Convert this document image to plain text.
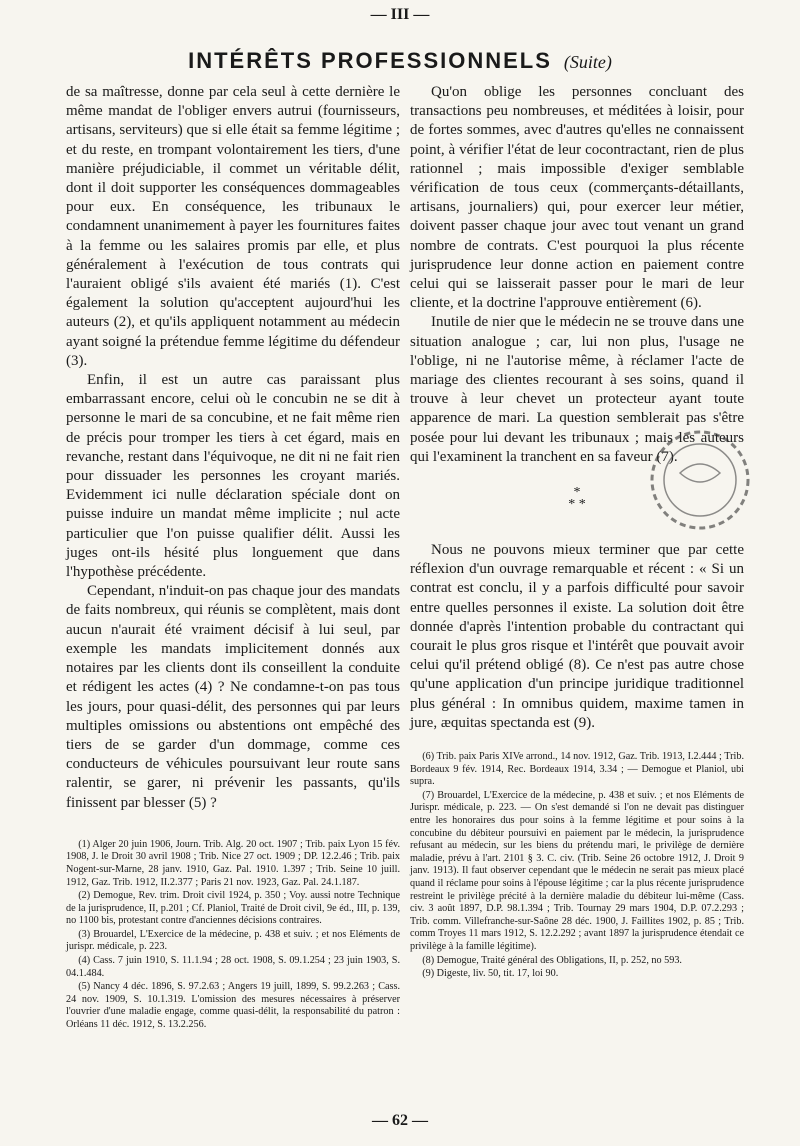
— III —
INTÉRÊTS PROFESSIONNELS (Suite)

de sa maîtresse, donne par cela seul à cette dernière le même mandat de l'obliger envers autrui (fournisseurs, artisans, serviteurs) que si elle était sa femme légitime ; et du reste, en trompant volontairement les tiers, d'une manière préjudiciable, il commet un véritable délit, dont il doit supporter les conséquences dommageables pour eux. En conséquence, les tribunaux le condamnent unanimement à payer les fournitures faites à la femme ou les salaires promis par elle, et plus généralement à l'exécution de tous contrats qui l'auraient obligé s'ils avaient été mariés (1). C'est également la solution qu'acceptent aujourd'hui les auteurs (2), et qu'ils appliquent notamment au médecin ayant soigné la prétendue femme légitime du défendeur (3).

Enfin, il est un autre cas paraissant plus embarrassant encore, celui où le concubin ne se dit à personne le mari de sa concubine, et ne fait même rien de précis pour tromper les tiers à cet égard, mais en revanche, restant dans l'équivoque, ne dit ni ne fait rien pour dissuader les personnes les croyant mariés. Evidemment ici nulle déclaration spéciale dont on puisse induire un mandat même implicite ; nul acte particulier que l'on puisse qualifier délit. Aussi les juges ont-ils hésité plus longuement que dans l'hypothèse précédente.

Cependant, n'induit-on pas chaque jour des mandats de faits nombreux, qui réunis se complètent, mais dont aucun n'aurait été vraiment décisif à lui seul, par exemple les mandats implicitement donnés aux notaires par les clients dont ils conseillent la conduite et rédigent les actes (4) ? Ne condamne-t-on pas tous les jours, pour quasi-délit, des personnes qui par leurs multiples omissions ou abstentions ont empêché des tiers de se garder d'un dommage, comme ces conducteurs de véhicules poursuivant leur route sans ralentir, se garer, ni prévenir les passants, qu'ils finissent par blesser (5) ?

(1) Alger 20 juin 1906, Journ. Trib. Alg. 20 oct. 1907 ; Trib. paix Lyon 15 fév. 1908, J. le Droit 30 avril 1908 ; Trib. Nice 27 oct. 1909 ; DP. 12.2.46 ; Trib. paix Nogent-sur-Marne, 28 janv. 1910, Gaz. Pal. 1910. 1.397 ; Trib. Seine 10 juill. 1912, Gaz. Trib. 1912, II.2.377 ; Paris 21 nov. 1923, Gaz. Pal. 24.1.187.

(2) Demogue, Rev. trim. Droit civil 1924, p. 350 ; Voy. aussi notre Technique de la jurisprudence, II, p.201 ; Cf. Planiol, Traité de Droit civil, 9e éd., III, p. 139, no 1100 bis, protestant contre d'anciennes décisions contraires.

(3) Brouardel, L'Exercice de la médecine, p. 438 et suiv. ; et nos Eléments de jurispr. médicale, p. 223.

(4) Cass. 7 juin 1910, S. 11.1.94 ; 28 oct. 1908, S. 09.1.254 ; 23 juin 1903, S. 04.1.484.

(5) Nancy 4 déc. 1896, S. 97.2.63 ; Angers 19 juill, 1899, S. 99.2.263 ; Cass. 24 nov. 1909, S. 10.1.319. L'omission des mesures nécessaires à préserver l'ouvrier d'une maladie engage, comme quasi-délit, la responsabilité du patron : Orléans 11 déc. 1912, S. 13.2.256.

Qu'on oblige les personnes concluant des transactions peu nombreuses, et méditées à loisir, pour de fortes sommes, avec d'autres qu'elles ne connaissent point, à vérifier l'état de leur cocontractant, rien de plus rationnel ; mais impossible d'exiger semblable vérification de tous ceux (commerçants-détaillants, artisans, journaliers) qui, pour exercer leur métier, doivent passer chaque jour avec tout venant un grand nombre de contrats. C'est pourquoi la plus récente jurisprudence leur donne action en paiement contre celui qui se laisserait passer pour le mari de leur cliente, et la doctrine l'approuve entièrement (6).

Inutile de nier que le médecin ne se trouve dans une situation analogue ; car, lui non plus, l'usage ne l'oblige, ni ne l'autorise même, à réclamer l'acte de mariage des clientes recourant à ses soins, quand il trouve à leur chevet un protecteur ayant toute apparence de mari. La question semblerait pas s'être posée pour lui devant les tribunaux ; mais les auteurs qui l'examinent la tranchent en sa faveur (7).

*
* *

Nous ne pouvons mieux terminer que par cette réflexion d'un ouvrage remarquable et récent : « Si un contrat est conclu, il y a parfois difficulté pour savoir entre quelles personnes il existe. La solution doit être donnée d'après l'intention probable du contractant qui courait le plus gros risque et l'intérêt que pouvait avoir celui qu'il prétend obligé (8). Ce n'est pas autre chose qu'une application d'un principe juridique traditionnel plus général : In omnibus quidem, maxime tamen in jure, æquitas spectanda est (9).

(6) Trib. paix Paris XIVe arrond., 14 nov. 1912, Gaz. Trib. 1913, I.2.444 ; Trib. Bordeaux 9 fév. 1914, Rec. Bordeaux 1914, 3.34 ; — Demogue et Planiol, ubi supra.

(7) Brouardel, L'Exercice de la médecine, p. 438 et suiv. ; et nos Eléments de Jurispr. médicale, p. 223. — On s'est demandé si l'on ne devait pas distinguer entre les honoraires dus pour soins à la femme légitime et pour soins à la concubine du débiteur poursuivi en paiement par le médecin, la jurisprudence refusant au médecin, sur les biens du prétendu mari, le privilège de dernière maladie, prévu à l'art. 2101 § 3. C. civ. (Trib. Seine 26 octobre 1912, J. Droit 9 janv. 1913). Il faut observer cependant que le médecin ne serait pas mieux placé quand il réclame pour soins à l'épouse légitime ; car la plus récente jurisprudence restreint le privilège précité à la dernière maladie du débiteur lui-même (Cass. civ. 3 août 1897, D.P. 98.1.394 ; Trib. Tournay 29 mars 1904, D.P. 07.2.293 ; Trib. comm. Villefranche-sur-Saône 28 déc. 1900, J. Faillites 1902, p. 85 ; Trib. comm Troyes 11 mars 1912, S. 12.2.292 ; avant 1897 la jurisprudence étendait ce privilège à la famille légitime).

(8) Demogue, Traité général des Obligations, II, p. 252, no 593.

(9) Digeste, liv. 50, tit. 17, loi 90.

— 62 —
